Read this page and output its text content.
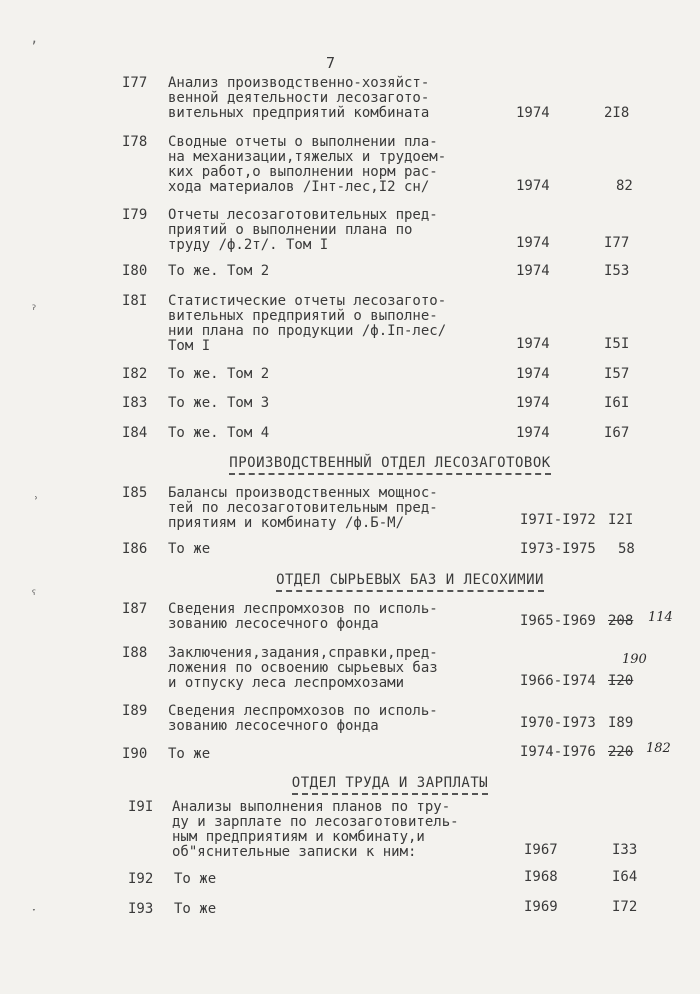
7
ʼ
ˀ
ʾ
ˁ
ˑ
I77 Анализ производственно-хозяйст-
венной деятельности лесозаготo-
вительных предприятий комбината	1974	2I8
I78 Сводные отчеты о выполнении пла-
на механизации,тяжелых и трудоем-
ких работ,о выполнении норм рас-
хода материалов /Iнт-лес,I2 сн/	1974	82
I79 Отчеты лесозаготовительных пред-
приятий о выполнении плана по
труду /ф.2т/. Том I	1974	I77
I80 То же. Том 2	1974	I53
I8I Статистические отчеты лесозаготo-
вительных предприятий о выполне-
нии плана по продукции /ф.Iп-лес/
Том I	1974	I5I
I82 То же. Том 2	1974	I57
I83 То же. Том 3	1974	I6I
I84 То же. Том 4	1974	I67
ПРОИЗВОДСТВЕННЫЙ ОТДЕЛ ЛЕСОЗАГОТОВОК
I85 Балансы производственных мощнос-
тей по лесозаготовительным пред-
приятиям и комбинату /ф.Б-М/	I97I-I972 I2I
I86 То же	I973-I975 58
ОТДЕЛ СЫРЬЕВЫХ БАЗ И ЛЕСОХИМИИ
I87 Сведения леспромхозов по исполь-
зованию лесосечного фонда	I965-I969 208 114
I88 Заключения,задания,справки,пред-
ложения по освоению сырьевых баз
и отпуску леса леспромхозами	I966-I974 I20
190
I89 Сведения леспромхозов по исполь-
зованию лесосечного фонда	I970-I973 I89
I90 То же	I974-I976 220 182
ОТДЕЛ ТРУДА И ЗАРПЛАТЫ
I9I Анализы выполнения планов по тру-
ду и зарплате по лесозаготовитель-
ным предприятиям и комбинату,и
об"яснительные записки к ним:	I967	I33
I92 То же	I968	I64
I93 То же	I969	I72
